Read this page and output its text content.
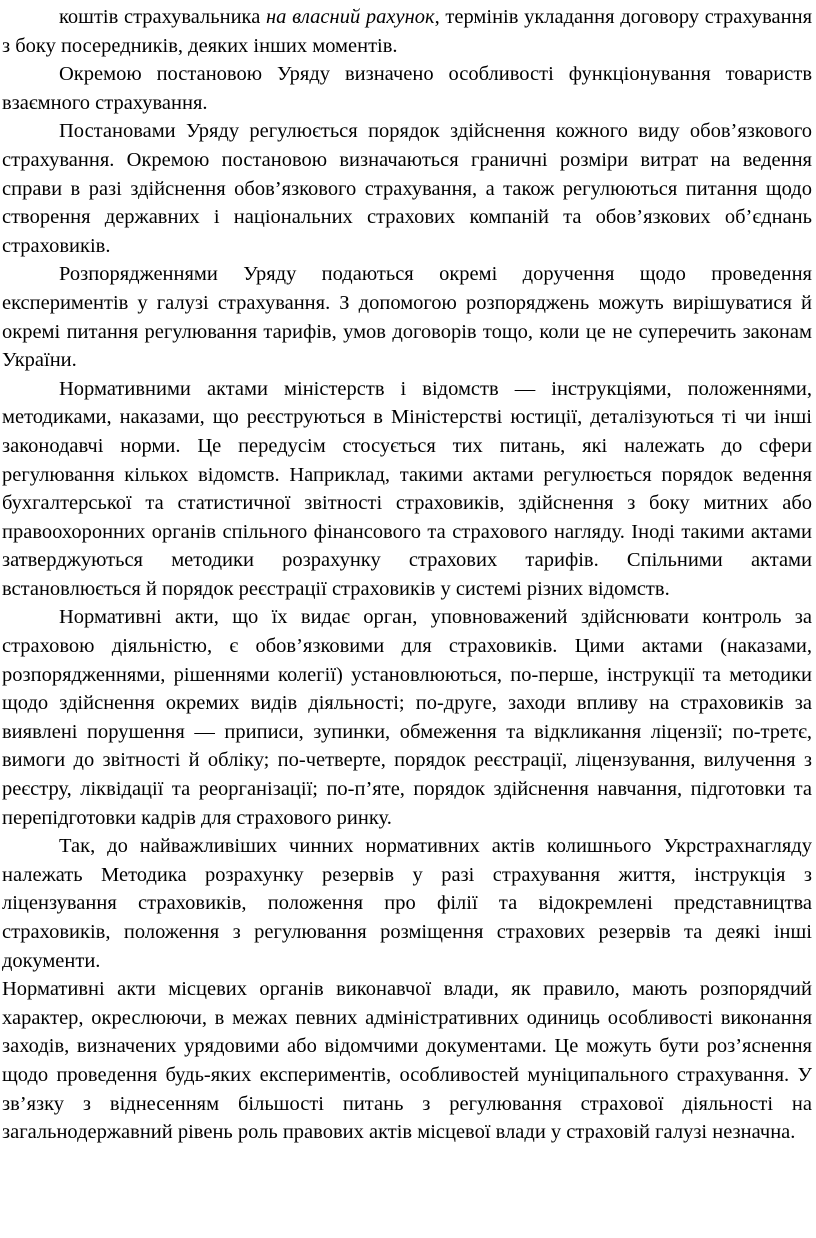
коштів страхувальника на власний рахунок, термінів укладання договору страхування з боку посередників, деяких інших моментів.

Окремою постановою Уряду визначено особливості функціонування товариств взаємного страхування.

Постановами Уряду регулюється порядок здійснення кожного виду обов’язкового страхування. Окремою постановою визначаються граничні розміри витрат на ведення справи в разі здійснення обов’язкового страхування, а також регулюються питання щодо створення державних і національних страхових компаній та обов’язкових об’єднань страховиків.

Розпорядженнями Уряду подаються окремі доручення щодо проведення експериментів у галузі страхування. З допомогою розпоряджень можуть вирішуватися й окремі питання регулювання тарифів, умов договорів тощо, коли це не суперечить законам України.

Нормативними актами міністерств і відомств — інструкціями, положеннями, методиками, наказами, що реєструються в Міністерстві юстиції, деталізуються ті чи інші законодавчі норми. Це передусім стосується тих питань, які належать до сфери регулювання кількох відомств. Наприклад, такими актами регулюється порядок ведення бухгалтерської та статистичної звітності страховиків, здійснення з боку митних або правоохоронних органів спільного фінансового та страхового нагляду. Іноді такими актами затверджуються методики розрахунку страхових тарифів. Спільними актами встановлюється й порядок реєстрації страховиків у системі різних відомств.

Нормативні акти, що їх видає орган, уповноважений здійснювати контроль за страховою діяльністю, є обов’язковими для страховиків. Цими актами (наказами, розпорядженнями, рішеннями колегії) установлюються, по-перше, інструкції та методики щодо здійснення окремих видів діяльності; по-друге, заходи впливу на страховиків за виявлені порушення — приписи, зупинки, обмеження та відкликання ліцензії; по-третє, вимоги до звітності й обліку; по-четверте, порядок реєстрації, ліцензування, вилучення з реєстру, ліквідації та реорганізації; по-п’яте, порядок здійснення навчання, підготовки та перепідготовки кадрів для страхового ринку.

Так, до найважливіших чинних нормативних актів колишнього Укрстрахнагляду належать Методика розрахунку резервів у разі страхування життя, інструкція з ліцензування страховиків, положення про філії та відокремлені представництва страховиків, положення з регулювання розміщення страхових резервів та деякі інші документи.

Нормативні акти місцевих органів виконавчої влади, як правило, мають розпорядчий характер, окреслюючи, в межах певних адміністративних одиниць особливості виконання заходів, визначених урядовими або відомчими документами. Це можуть бути роз’яснення щодо проведення будь-яких експериментів, особливостей муніципального страхування. У зв’язку з віднесенням більшості питань з регулювання страхової діяльності на загальнодержавний рівень роль правових актів місцевої влади у страховій галузі незначна.
